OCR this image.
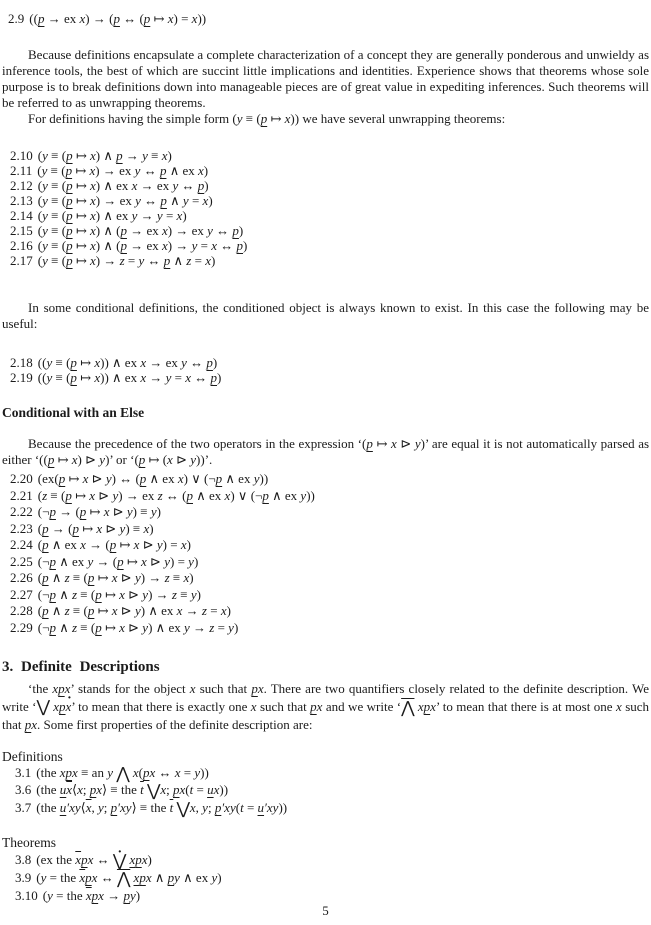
2.9 ((p → ex x) → (p ↔ (p ↦ x) = x))

Because definitions encapsulate a complete characterization of a concept they are generally ponderous and unwieldy as inference tools, the best of which are succint little implications and identities. Experience shows that theorems whose sole purpose is to break definitions down into manageable pieces are of great value in expediting inferences. Such theorems will be referred to as unwrapping theorems.

For definitions having the simple form (y ≡ (p ↦ x)) we have several unwrapping theorems:

2.10 (y ≡ (p ↦ x) ∧ p → y ≡ x)
2.11 (y ≡ (p ↦ x) → ex y ↔ p ∧ ex x)
2.12 (y ≡ (p ↦ x) ∧ ex x → ex y ↔ p)
2.13 (y ≡ (p ↦ x) → ex y ↔ p ∧ y = x)
2.14 (y ≡ (p ↦ x) ∧ ex y → y = x)
2.15 (y ≡ (p ↦ x) ∧ (p → ex x) → ex y ↔ p)
2.16 (y ≡ (p ↦ x) ∧ (p → ex x) → y = x ↔ p)
2.17 (y ≡ (p ↦ x) → z = y ↔ p ∧ z = x)

In some conditional definitions, the conditioned object is always known to exist. In this case the following may be useful:

2.18 ((y ≡ (p ↦ x)) ∧ ex x → ex y ↔ p)
2.19 ((y ≡ (p ↦ x)) ∧ ex x → y = x ↔ p)
Conditional with an Else

Because the precedence of the two operators in the expression ‘(p ↦ x ⊳ y)’ are equal it is not automatically parsed as either ‘((p ↦ x) ⊳ y)’ or ‘(p ↦ (x ⊳ y))’.

2.20 (ex(p ↦ x ⊳ y) ↔ (p ∧ ex x) ∨ (¬p ∧ ex y))
2.21 (z ≡ (p ↦ x ⊳ y) → ex z ↔ (p ∧ ex x) ∨ (¬p ∧ ex y))
2.22 (¬p → (p ↦ x ⊳ y) ≡ y)
2.23 (p → (p ↦ x ⊳ y) ≡ x)
2.24 (p ∧ ex x → (p ↦ x ⊳ y) = x)
2.25 (¬p ∧ ex y → (p ↦ x ⊳ y) = y)
2.26 (p ∧ z ≡ (p ↦ x ⊳ y) → z ≡ x)
2.27 (¬p ∧ z ≡ (p ↦ x ⊳ y) → z ≡ y)
2.28 (p ∧ z ≡ (p ↦ x ⊳ y) ∧ ex x → z = x)
2.29 (¬p ∧ z ≡ (p ↦ x ⊳ y) ∧ ex y → z = y)
3. Definite Descriptions

‘the xpx’ stands for the object x such that px. There are two quantifiers closely related to the definite description. We write ‘⋁ · xpx’ to mean that there is exactly one x such that px and we write ‘⋀ xpx’ to mean that there is at most one x such that px. Some first properties of the definite description are:

Definitions
3.1 (the xpx ≡ an y ⋀ x(px ↔ x = y))
3.6 (the $u\overline{x}⟨x$; px⟩ ≡ the $\overline{t}$ ⋁x; px(t = ux))
3.7 (the $u'xy⟨\overline{x}$, y; p′xy⟩ ≡ the $\overline{t}$ ⋁x, y; p′xy(t = u′xy))
Theorems
3.8 (ex the $\overline{x}px$ ↔ ⋁ · xpx)
3.9 (y = the $\overline{x}px$ ↔ ⋀ xpx ∧ py ∧ ex y)
3.10 (y = the $\overline{x}px \to py$)
5
